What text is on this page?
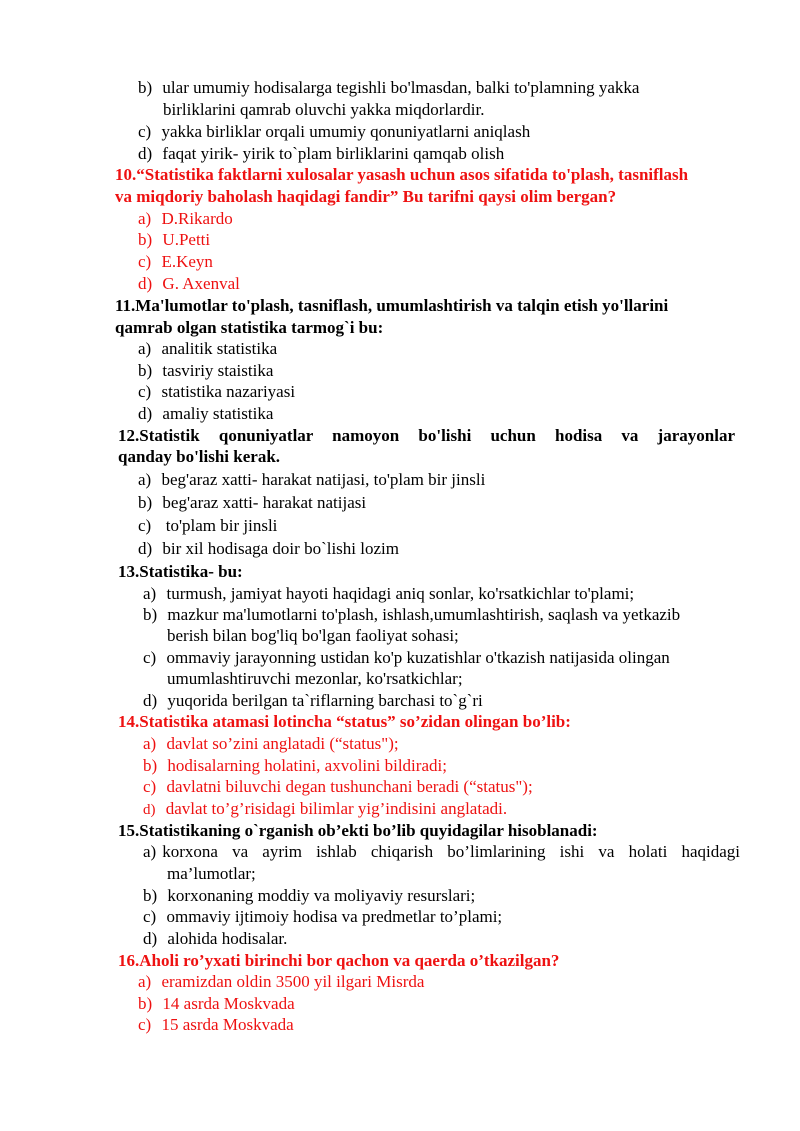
b) ular umumiy hodisalarga tegishli bo'lmasdan, balki to'plamning yakka
birliklarini qamrab oluvchi yakka miqdorlardir.
c) yakka birliklar orqali umumiy qonuniyatlarni aniqlash
d) faqat yirik- yirik to`plam birliklarini qamqab olish
10.“Statistika faktlarni xulosalar yasash uchun asos sifatida to'plash, tasniflash
va miqdoriy baholash haqidagi fandir” Bu tarifni qaysi olim bergan?
a) D.Rikardo
b) U.Petti
c) E.Keyn
d) G. Axenval
11.Ma'lumotlar to'plash, tasniflash, umumlashtirish va talqin etish yo'llarini
qamrab olgan statistika tarmog`i bu:
a) analitik statistika
b) tasviriy staistika
c) statistika nazariyasi
d) amaliy statistika
12.Statistik qonuniyatlar namoyon bo'lishi uchun hodisa va jarayonlar
qanday bo'lishi kerak.
a) beg'araz xatti- harakat natijasi, to'plam bir jinsli
b) beg'araz xatti- harakat natijasi
c)  to'plam bir jinsli
d) bir xil hodisaga doir bo`lishi lozim
13.Statistika- bu:
a) turmush, jamiyat hayoti haqidagi aniq sonlar, ko'rsatkichlar to'plami;
b) mazkur ma'lumotlarni to'plash, ishlash,umumlashtirish, saqlash va yetkazib
berish bilan bog'liq bo'lgan faoliyat sohasi;
c) ommaviy jarayonning ustidan ko'p kuzatishlar o'tkazish natijasida olingan
umumlashtiruvchi mezonlar, ko'rsatkichlar;
d) yuqorida berilgan ta`riflarning barchasi to`g`ri
14.Statistika atamasi lotincha “status” so’zidan olingan bo’lib:
a) davlat so’zini anglatadi (“status");
b) hodisalarning holatini, axvolini bildiradi;
c) davlatni biluvchi degan tushunchani beradi (“status");
d) davlat to’g’risidagi bilimlar yig’indisini anglatadi.
15.Statistikaning o`rganish ob’ekti bo’lib quyidagilar hisoblanadi:
a) korxona va ayrim ishlab chiqarish bo’limlarining ishi va holati haqidagi
ma’lumotlar;
b) korxonaning moddiy va moliyaviy resurslari;
c) ommaviy ijtimoiy hodisa va predmetlar to’plami;
d) alohida hodisalar.
16.Aholi ro’yxati birinchi bor qachon va qaerda o’tkazilgan?
a) eramizdan oldin 3500 yil ilgari Misrda
b) 14 asrda Moskvada
c) 15 asrda Moskvada
